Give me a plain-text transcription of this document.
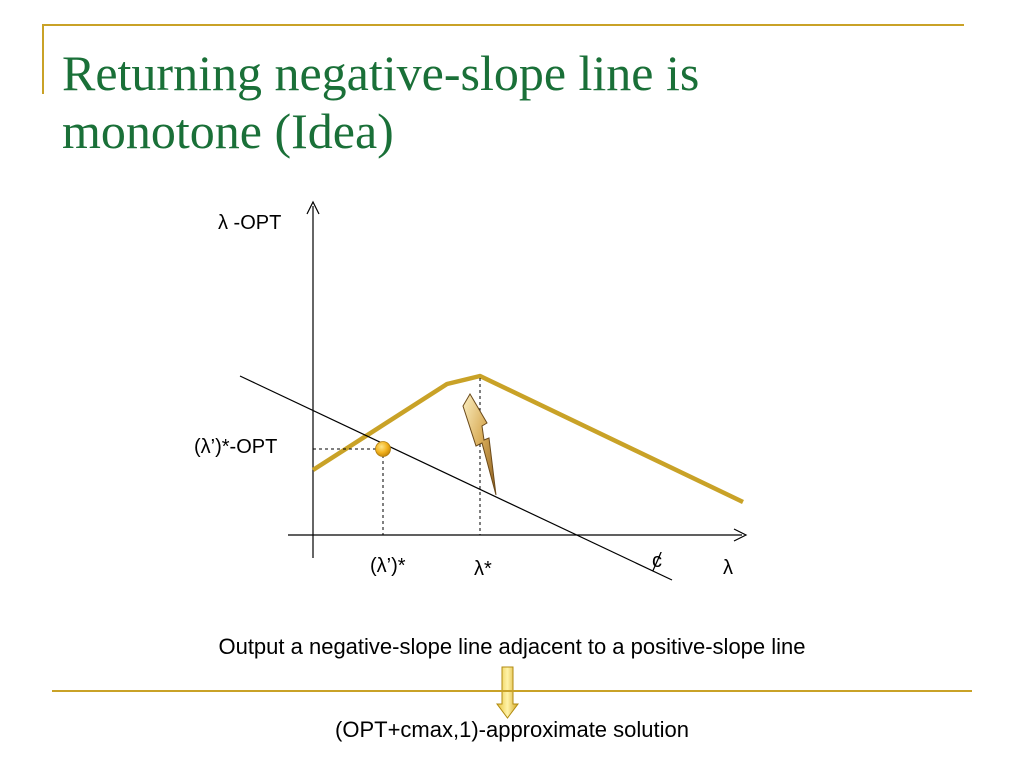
Returning negative-slope line is
monotone (Idea)
λ -OPT
(λ’)*-OPT
(λ’)*	λ*	ȼ	λ
Output a negative-slope line adjacent to a positive-slope line
(OPT+cmax,1)-approximate solution
